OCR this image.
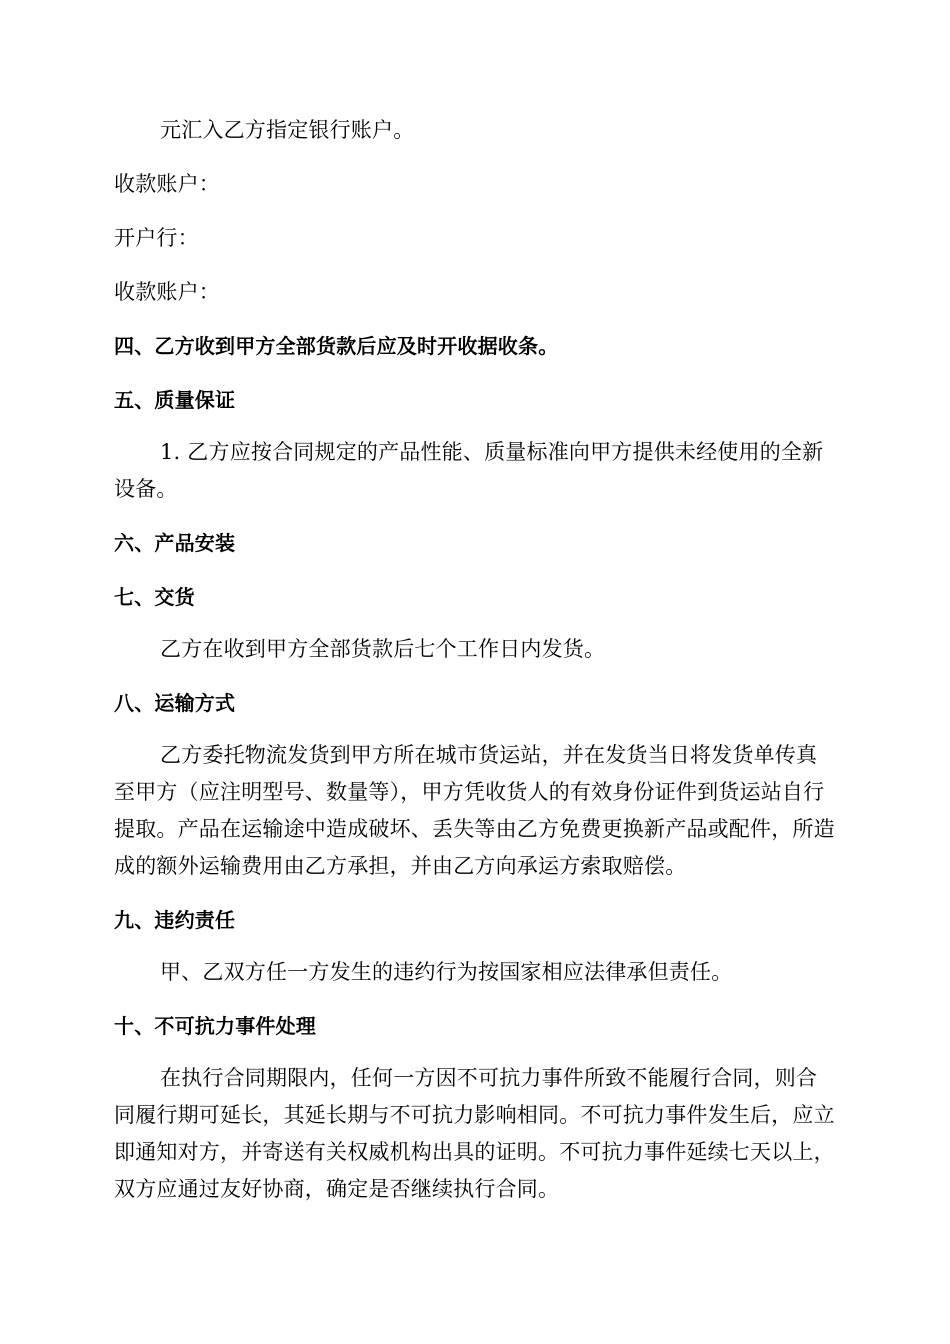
元汇入乙方指定银行账户。

收款账户：

开户行：

收款账户：

四、乙方收到甲方全部货款后应及时开收据收条。

五、质量保证

1. 乙方应按合同规定的产品性能、质量标准向甲方提供未经使用的全新设备。

六、产品安装

七、交货

乙方在收到甲方全部货款后七个工作日内发货。

八、运输方式

乙方委托物流发货到甲方所在城市货运站，并在发货当日将发货单传真至甲方（应注明型号、数量等），甲方凭收货人的有效身份证件到货运站自行提取。产品在运输途中造成破坏、丢失等由乙方免费更换新产品或配件，所造成的额外运输费用由乙方承担，并由乙方向承运方索取赔偿。

九、违约责任

甲、乙双方任一方发生的违约行为按国家相应法律承但责任。

十、不可抗力事件处理

在执行合同期限内，任何一方因不可抗力事件所致不能履行合同，则合同履行期可延长，其延长期与不可抗力影响相同。不可抗力事件发生后，应立即通知对方，并寄送有关权威机构出具的证明。不可抗力事件延续七天以上，双方应通过友好协商，确定是否继续执行合同。
